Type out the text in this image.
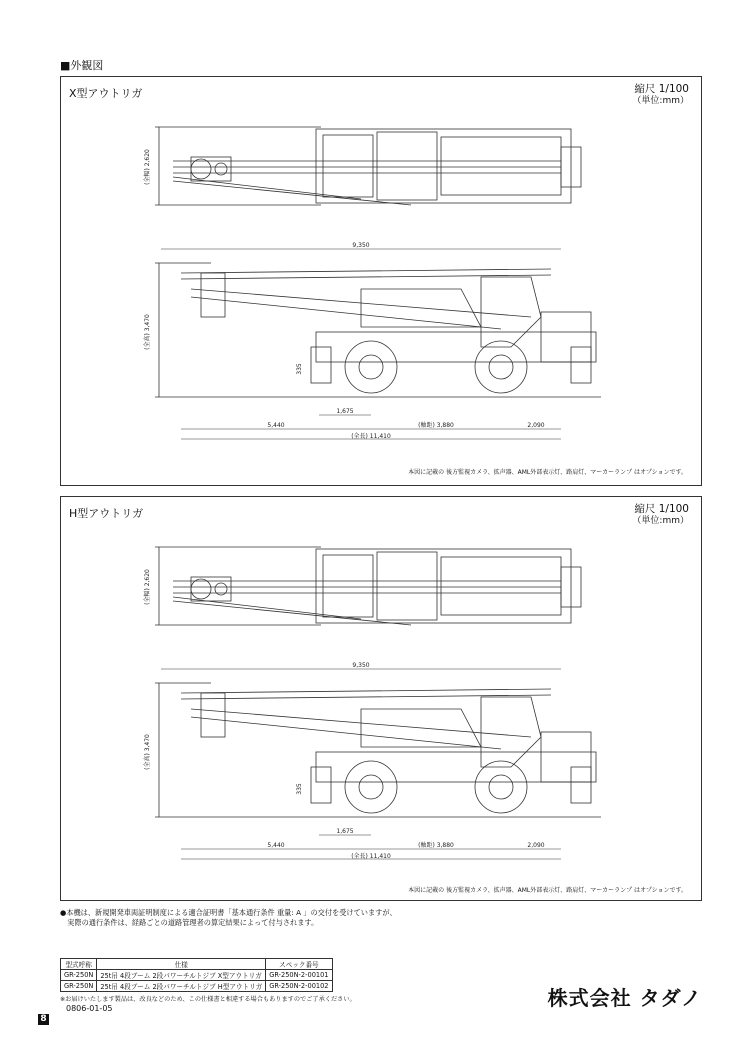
■外観図
X型アウトリガ	縮尺 1/100
（単位:mm）
(全幅) 2,620
9,350
(全高) 3,470
335
1,675
5,440	(軸距) 3,880	2,090
(全長) 11,410
本図に記載の 後方監視カメラ、拡声器、AML外部表示灯、路肩灯、マーカーランプ はオプションです。
H型アウトリガ	縮尺 1/100
（単位:mm）
(全幅) 2,620
9,350
(全高) 3,470
335
1,675
5,440	(軸距) 3,880	2,090
(全長) 11,410
本図に記載の 後方監視カメラ、拡声器、AML外部表示灯、路肩灯、マーカーランプ はオプションです。
●本機は、新規開発車両証明制度による適合証明書「基本通行条件 重量: A 」の交付を受けていますが、
　実際の通行条件は、経路ごとの道路管理者の算定結果によって付与されます。
型式呼称	仕様	スペック番号
GR-250N	25t吊 4段ブーム 2段パワーチルトジブ X型アウトリガ	GR-250N-2-00101
GR-250N	25t吊 4段ブーム 2段パワーチルトジブ H型アウトリガ	GR-250N-2-00102
※お届けいたします製品は、改良などのため、この仕様書と相違する場合もありますのでご了承ください。
0806-01-05
8
株式会社 タダノ
